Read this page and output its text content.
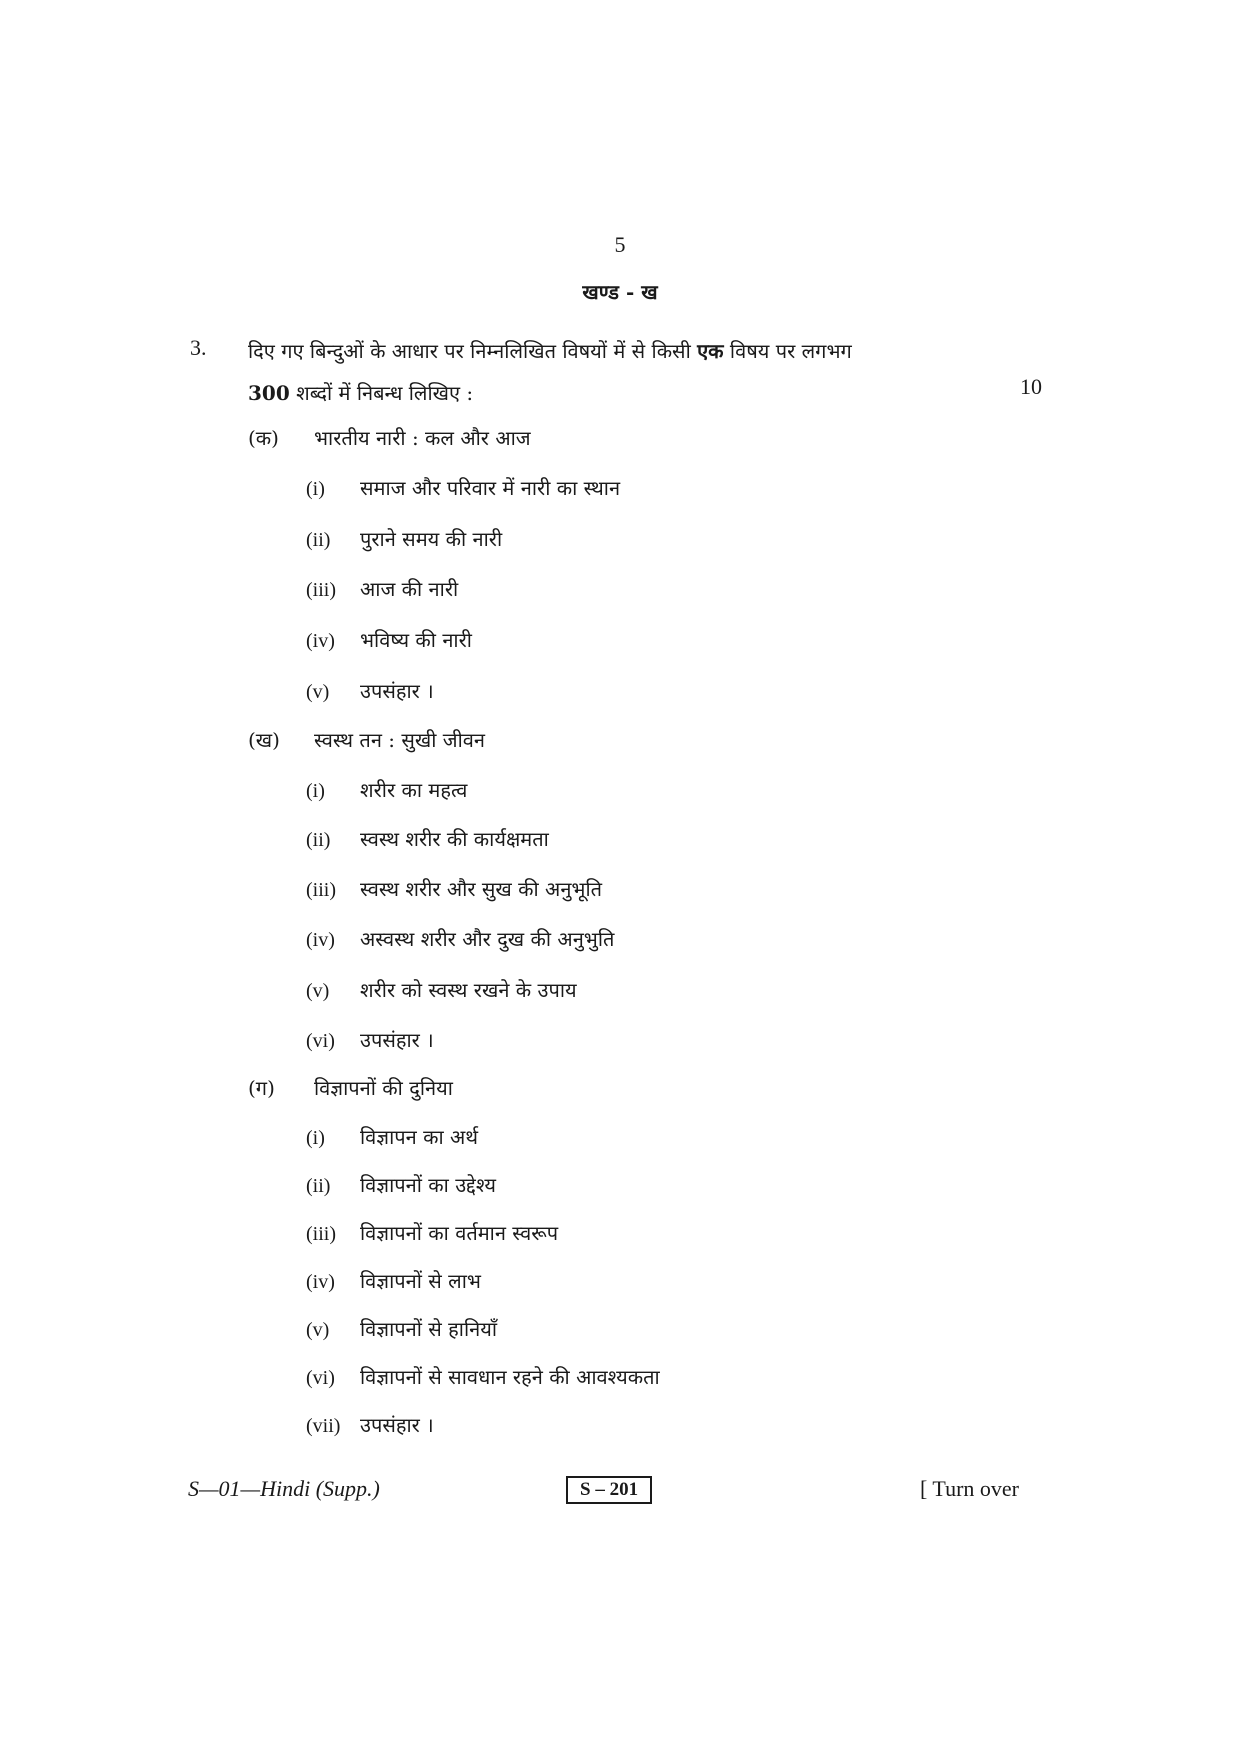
5
खण्ड - ख
3. दिए गए बिन्दुओं के आधार पर निम्नलिखित विषयों में से किसी एक विषय पर लगभग
300 शब्दों में निबन्ध लिखिए :	10
(क) भारतीय नारी : कल और आज
(i) समाज और परिवार में नारी का स्थान
(ii) पुराने समय की नारी
(iii) आज की नारी
(iv) भविष्य की नारी
(v) उपसंहार ।
(ख) स्वस्थ तन : सुखी जीवन
(i) शरीर का महत्व
(ii) स्वस्थ शरीर की कार्यक्षमता
(iii) स्वस्थ शरीर और सुख की अनुभूति
(iv) अस्वस्थ शरीर और दुख की अनुभुति
(v) शरीर को स्वस्थ रखने के उपाय
(vi) उपसंहार ।
(ग) विज्ञापनों की दुनिया
(i) विज्ञापन का अर्थ
(ii) विज्ञापनों का उद्देश्य
(iii) विज्ञापनों का वर्तमान स्वरूप
(iv) विज्ञापनों से लाभ
(v) विज्ञापनों से हानियाँ
(vi) विज्ञापनों से सावधान रहने की आवश्यकता
(vii) उपसंहार ।
S—01—Hindi (Supp.)	S – 201	[ Turn over
